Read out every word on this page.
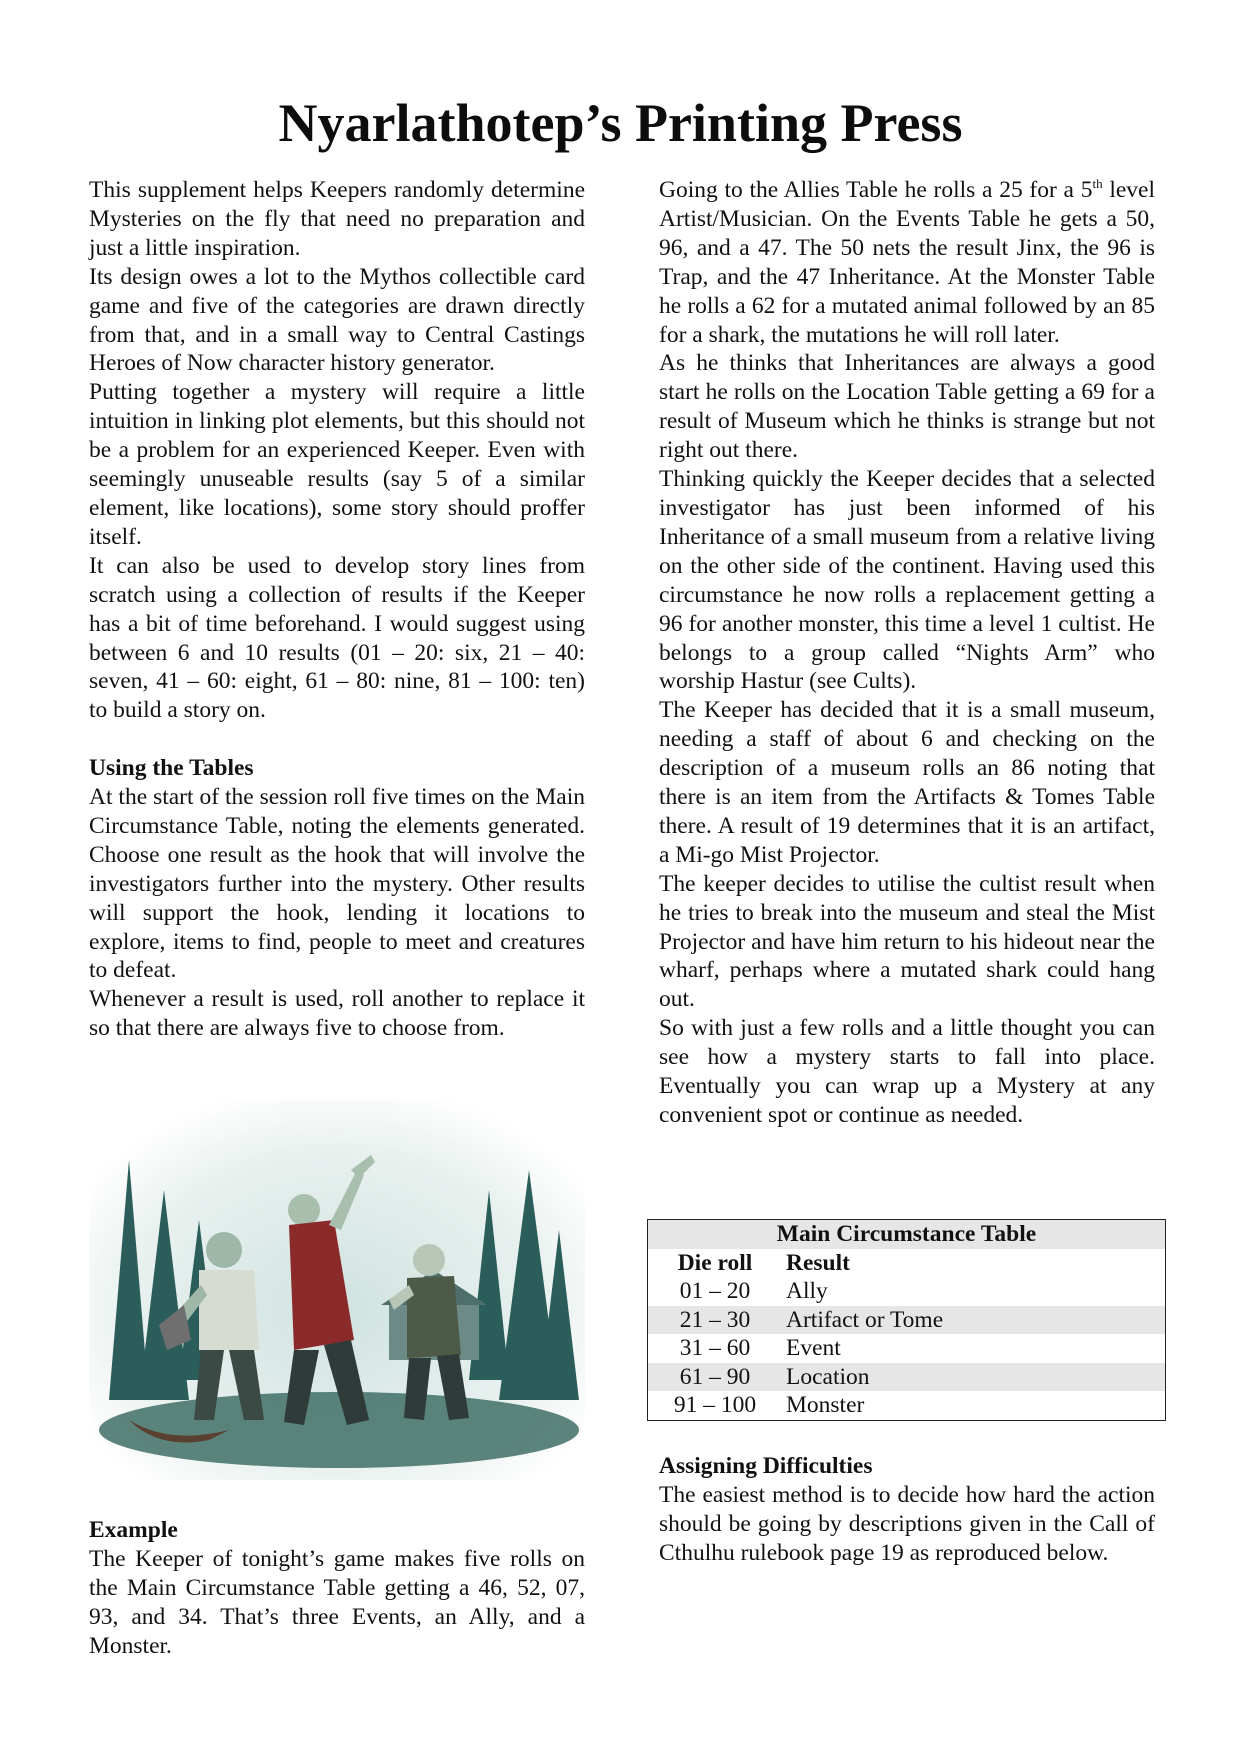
Nyarlathotep’s Printing Press

This supplement helps Keepers randomly determine Mysteries on the fly that need no preparation and just a little inspiration.

Its design owes a lot to the Mythos collectible card game and five of the categories are drawn directly from that, and in a small way to Central Castings Heroes of Now character history generator.

Putting together a mystery will require a little intuition in linking plot elements, but this should not be a problem for an experienced Keeper. Even with seemingly unuseable results (say 5 of a similar element, like locations), some story should proffer itself.

It can also be used to develop story lines from scratch using a collection of results if the Keeper has a bit of time beforehand. I would suggest using between 6 and 10 results (01 – 20: six, 21 – 40: seven, 41 – 60: eight, 61 – 80: nine, 81 – 100: ten) to build a story on.

Using the Tables

At the start of the session roll five times on the Main Circumstance Table, noting the elements generated. Choose one result as the hook that will involve the investigators further into the mystery. Other results will support the hook, lending it locations to explore, items to find, people to meet and creatures to defeat.

Whenever a result is used, roll another to replace it so that there are always five to choose from.

Example

The Keeper of tonight’s game makes five rolls on the Main Circumstance Table getting a 46, 52, 07, 93, and 34. That’s three Events, an Ally, and a Monster.

Going to the Allies Table he rolls a 25 for a 5th level Artist/Musician. On the Events Table he gets a 50, 96, and a 47. The 50 nets the result Jinx, the 96 is Trap, and the 47 Inheritance. At the Monster Table he rolls a 62 for a mutated animal followed by an 85 for a shark, the mutations he will roll later.

As he thinks that Inheritances are always a good start he rolls on the Location Table getting a 69 for a result of Museum which he thinks is strange but not right out there.

Thinking quickly the Keeper decides that a selected investigator has just been informed of his Inheritance of a small museum from a relative living on the other side of the continent. Having used this circumstance he now rolls a replacement getting a 96 for another monster, this time a level 1 cultist. He belongs to a group called “Nights Arm” who worship Hastur (see Cults).

The Keeper has decided that it is a small museum, needing a staff of about 6 and checking on the description of a museum rolls an 86 noting that there is an item from the Artifacts & Tomes Table there. A result of 19 determines that it is an artifact, a Mi-go Mist Projector.

The keeper decides to utilise the cultist result when he tries to break into the museum and steal the Mist Projector and have him return to his hideout near the wharf, perhaps where a mutated shark could hang out.

So with just a few rolls and a little thought you can see how a mystery starts to fall into place. Eventually you can wrap up a Mystery at any convenient spot or continue as needed.

Main Circumstance Table	
Die roll	Result
01 – 20	Ally
21 – 30	Artifact or Tome
31 – 60	Event
61 – 90	Location
91 – 100	Monster
Assigning Difficulties

The easiest method is to decide how hard the action should be going by descriptions given in the Call of Cthulhu rulebook page 19 as reproduced below.
